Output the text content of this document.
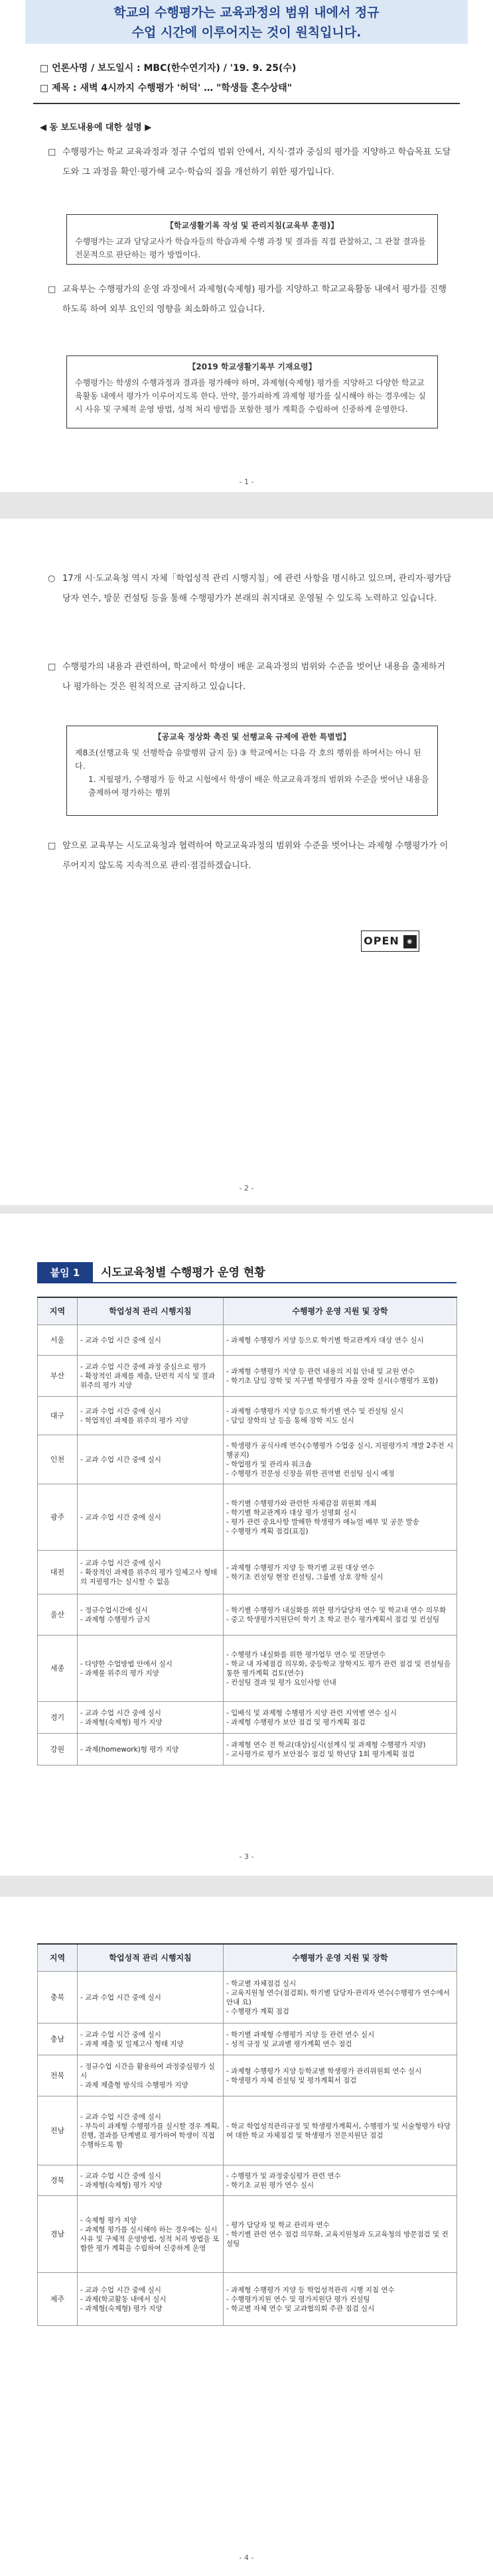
학교의 수행평가는 교육과정의 범위 내에서 정규
수업 시간에 이루어지는 것이 원칙입니다.
□ 언론사명 / 보도일시 : MBC(한수연기자) / '19. 9. 25(수)
□ 제목 : 새벽 4시까지 수행평가 '허덕' … "학생들 혼수상태"
◀ 동 보도내용에 대한 설명 ▶
□ 수행평가는 학교 교육과정과 정규 수업의 범위 안에서, 지식·결과 중심의 평가를 지양하고 학습목표 도달도와 그 과정을 확인·평가해 교수·학습의 질을 개선하기 위한 평가입니다.
【학교생활기록 작성 및 관리지침(교육부 훈령)】
수행평가는 교과 담당교사가 학습자들의 학습과제 수행 과정 및 결과를 직접 관찰하고, 그 관찰 결과를 전문적으로 판단하는 평가 방법이다.
□ 교육부는 수행평가의 운영 과정에서 과제형(숙제형) 평가를 지양하고 학교교육활동 내에서 평가를 진행하도록 하여 외부 요인의 영향을 최소화하고 있습니다.
【2019 학교생활기록부 기재요령】
수행평가는 학생의 수행과정과 결과를 평가해야 하며, 과제형(숙제형) 평가를 지양하고 다양한 학교교육활동 내에서 평가가 이루어지도록 한다. 만약, 불가피하게 과제형 평가를 실시해야 하는 경우에는 실시 사유 및 구체적 운영 방법, 성적 처리 방법을 포함한 평가 계획을 수립하여 신중하게 운영한다.
- 1 -
- 2 -
○ 17개 시·도교육청 역시 자체「학업성적 관리 시행지침」에 관련 사항을 명시하고 있으며, 관리자·평가담당자 연수, 방문 컨설팅 등을 통해 수행평가가 본래의 취지대로 운영될 수 있도록 노력하고 있습니다.
□ 수행평가의 내용과 관련하여, 학교에서 학생이 배운 교육과정의 범위와 수준을 벗어난 내용을 출제하거나 평가하는 것은 원칙적으로 금지하고 있습니다.
【공교육 정상화 촉진 및 선행교육 규제에 관한 특별법】
제8조(선행교육 및 선행학습 유발행위 금지 등) ③ 학교에서는 다음 각 호의 행위를 하여서는 아니 된다.
1. 지필평가, 수행평가 등 학교 시험에서 학생이 배운 학교교육과정의 범위와 수준을 벗어난 내용을 출제하여 평가하는 행위
□ 앞으로 교육부는 시도교육청과 협력하여 학교교육과정의 범위와 수준을 벗어나는 과제형 수행평가가 이루어지지 않도록 지속적으로 관리·점검하겠습니다.
OPEN ◉
- 3 -
붙임 1	시도교육청별 수행평가 운영 현황
지역	학업성적 관리 시행지침	수행평가 운영 지원 및 장학
서울	- 교과 수업 시간 중에 실시	- 과제형 수행평가 지양 등으로 학기별 학교관계자 대상 연수 실시
부산	- 교과 수업 시간 중에 과정 중심으로 평가
- 확장적인 과제를 제출, 단편적 지식 및 결과 위주의 평가 지양	- 과제형 수행평가 지양 등 관련 내용의 지침 안내 및 교원 연수
- 학기초 담임 장학 및 지구별 학생평가 자율 장학 실시(수행평가 포함)
대구	- 교과 수업 시간 중에 실시
- 학업적인 과제를 위주의 평가 지양	- 과제형 수행평가 지양 등으로 학기별 연수 및 컨설팅 실시
- 담임 장학의 날 등을 통해 장학 지도 실시
인천	- 교과 수업 시간 중에 실시	- 학생평가 공식사례 연수(수행평가 수업중 실시, 지필평가지 개발 2주전 시행공지)
- 학업평가 및 관리자 워크숍
- 수행평가 전문성 신장을 위한 권역별 컨설팅 실시 예정
광주	- 교과 수업 시간 중에 실시	- 학기별 수행평가와 관련한 자체감점 위원회 개최
- 학기별 학교관계자 대상 평가 설명회 실시
- 평가 관련 중요사항 발해한 학생평가 매뉴얼 배부 및 공문 발송
- 수행평가 계획 점검(표집)
대전	- 교과 수업 시간 중에 실시
- 확장적인 과제를 위주의 평가 일체고사 형태의 지필평가는 실시할 수 없음	- 과제형 수행평가 지양 등 학기별 교원 대상 연수
- 학기초 컨설팅 현장 컨설팅, 그룹별 상호 장학 실시
울산	- 정규수업시간에 실시
- 과제형 수행평가 금지	- 학기별 수행평가 내실화를 위한 평가담당자 연수 및 학교내 연수 의무화
- 중고 학생평가지원단이 학기 초 학교 전수 평가계획서 점검 및 컨설팅
세종	- 다양한 수업방법 안에서 실시
- 과제물 위주의 평가 지양	- 수행평가 내실화를 위한 평가업무 연수 및 전달연수
- 학교 내 자체점검 의무화, 중등학교 장학지도 평가 관련 점검 및 컨설팅을 통한 평가계획 검토(연수)
- 컨설팅 결과 및 평가 요인사항 안내
경기	- 교과 수업 시간 중에 실시
- 과제형(숙제형) 평가 지양	- 입배식 및 과제형 수행평가 지양 관련 지역별 연수 실시
- 과제형 수행평가 보안 점검 및 평가계획 점검
강원	- 과제(homework)형 평가 지양	- 과제형 연수 전 학교(대상)실시(설계식 및 과제형 수행평가 지양)
- 교사평가로 평가 보안점수 점검 및 학년당 1회 평가계획 점검
- 4 -
지역	학업성적 관리 시행지침	수행평가 운영 지원 및 장학
충북	- 교과 수업 시간 중에 실시	- 학교별 자체점검 실시
- 교육지원청 연수(점검회), 학기별 담당자·관리자 연수(수행평가 연수에서 안내 요)
- 수행평가 계획 점검
충남	- 교과 수업 시간 중에 실시
- 과제 제출 및 일제고사 형태 지양	- 학기별 과제형 수행평가 지양 등 관련 연수 실시
- 성적 규정 및 교과별 평가계획 연수 점검
전북	- 정규수업 시간을 활용하여 과정중심평가 실시
- 과제 제출형 방식의 수행평가 지양	- 과제형 수행평가 지양 등학교별 학생평가 관리위원회 연수 실시
- 학생평가 자체 컨설팅 및 평가계획서 점검
전남	- 교과 수업 시간 중에 실시
- 부득이 과제형 수행평가를 실시할 경우 계획, 진행, 결과를 단계별로 평가하여 학생이 직접 수행하도록 함	- 학교 학업성적관리규정 및 학생평가계획서, 수행평가 및 서술형평가 타당 여 대한 학교 자체점검 및 학생평가 전문지원단 점검
경북	- 교과 수업 시간 중에 실시
- 과제형(숙제형) 평가 지양	- 수행평가 및 과정중심평가 관련 연수
- 학기초 교원 평가 연수 실시
경남	- 숙제형 평가 지양
- 과제형 평가를 실시해야 하는 경우에는 실시 사유 및 구체적 운영방법, 성적 처리 방법을 포함한 평가 계획을 수립하여 신중하게 운영	- 평가 담당자 및 학교 관리자 연수
- 학기별 관련 연수 점검 의무화, 교육지원청과 도교육청의 방문점검 및 컨설팅
제주	- 교과 수업 시간 중에 실시
- 과제(학교활동 내에서 실시
- 과제형(숙제형) 평가 지양	- 과제형 수행평가 지양 등 학업성적관리 시행 지침 연수
- 수행평가지원 연수 및 평가지원단 평가 컨설팅
- 학교별 자체 연수 및 교과협의회 주관 점검 실시
